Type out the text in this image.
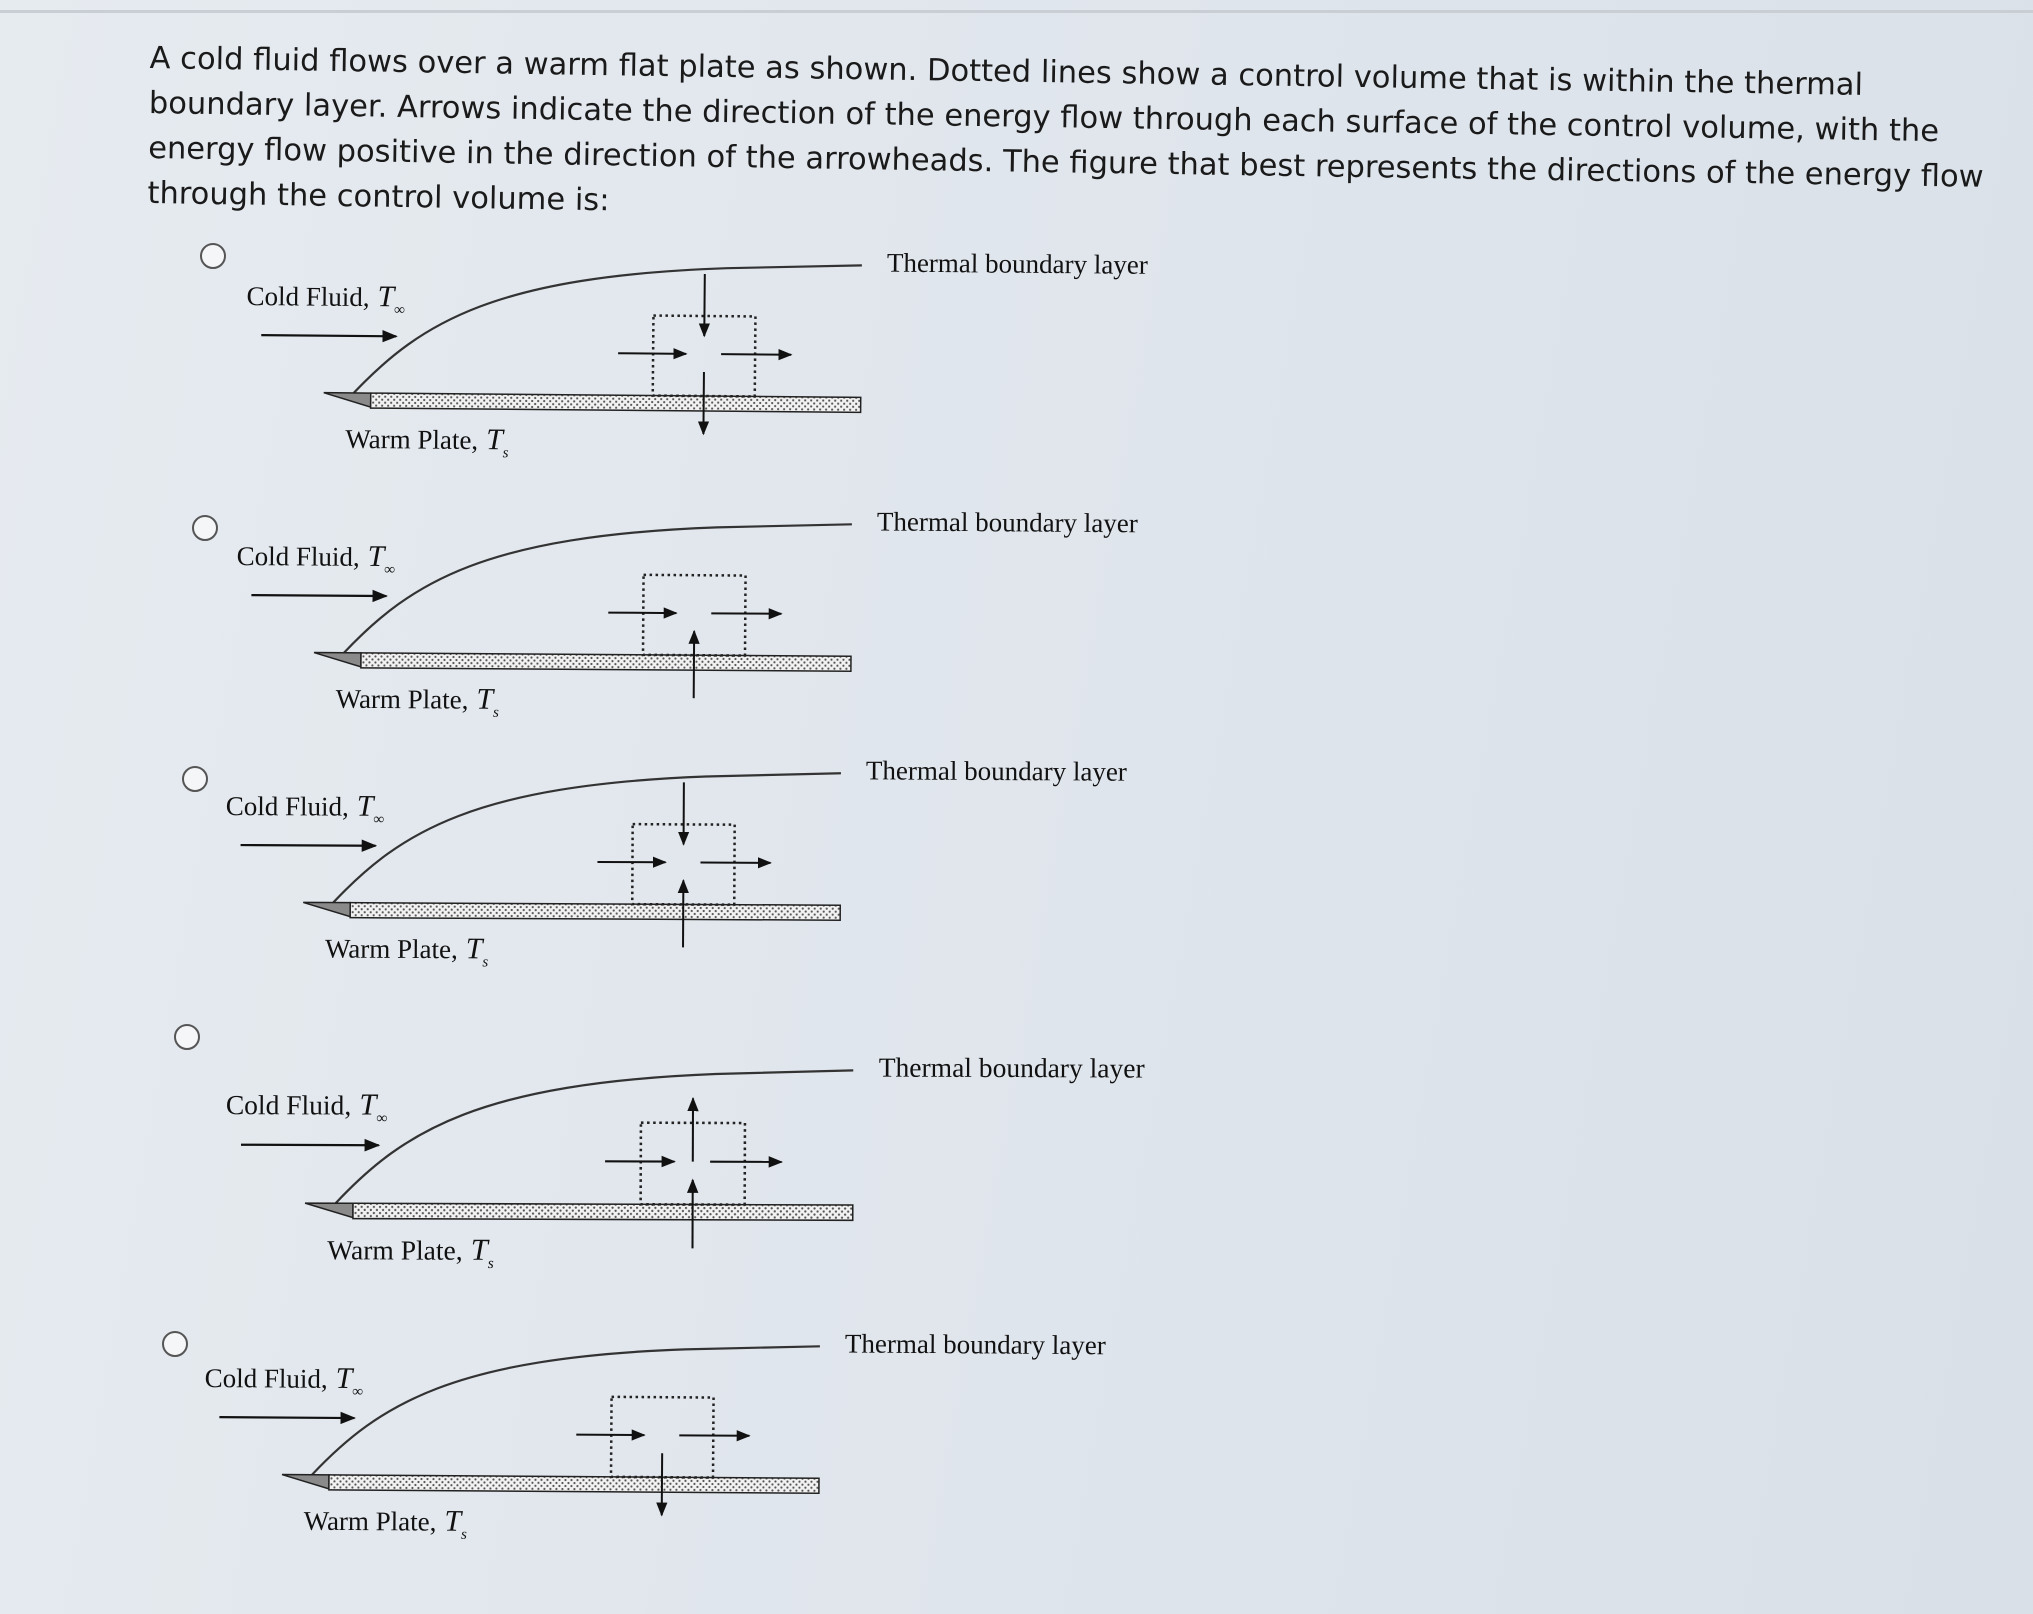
A cold fluid flows over a warm flat plate as shown. Dotted lines show a control volume that is within the thermal boundary layer. Arrows indicate the direction of the energy flow through each surface of the control volume, with the energy flow positive in the direction of the arrowheads. The figure that best represents the directions of the energy flow through the control volume is:

Thermal boundary layer
Cold Fluid, $T_\infty$
Warm Plate, $T_s$
Thermal boundary layer
Cold Fluid, $T_\infty$
Warm Plate, $T_s$
Thermal boundary layer
Cold Fluid, $T_\infty$
Warm Plate, $T_s$
Thermal boundary layer
Cold Fluid, $T_\infty$
Warm Plate, $T_s$
Thermal boundary layer
Cold Fluid, $T_\infty$
Warm Plate, $T_s$
